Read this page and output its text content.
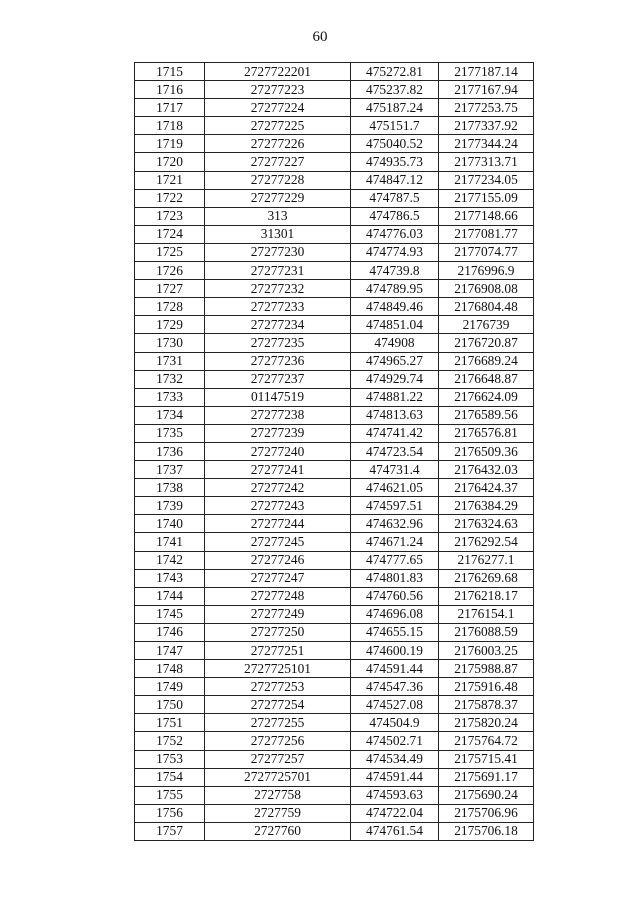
60
1715	2727722201	475272.81	2177187.14
1716	27277223	475237.82	2177167.94
1717	27277224	475187.24	2177253.75
1718	27277225	475151.7	2177337.92
1719	27277226	475040.52	2177344.24
1720	27277227	474935.73	2177313.71
1721	27277228	474847.12	2177234.05
1722	27277229	474787.5	2177155.09
1723	313	474786.5	2177148.66
1724	31301	474776.03	2177081.77
1725	27277230	474774.93	2177074.77
1726	27277231	474739.8	2176996.9
1727	27277232	474789.95	2176908.08
1728	27277233	474849.46	2176804.48
1729	27277234	474851.04	2176739
1730	27277235	474908	2176720.87
1731	27277236	474965.27	2176689.24
1732	27277237	474929.74	2176648.87
1733	01147519	474881.22	2176624.09
1734	27277238	474813.63	2176589.56
1735	27277239	474741.42	2176576.81
1736	27277240	474723.54	2176509.36
1737	27277241	474731.4	2176432.03
1738	27277242	474621.05	2176424.37
1739	27277243	474597.51	2176384.29
1740	27277244	474632.96	2176324.63
1741	27277245	474671.24	2176292.54
1742	27277246	474777.65	2176277.1
1743	27277247	474801.83	2176269.68
1744	27277248	474760.56	2176218.17
1745	27277249	474696.08	2176154.1
1746	27277250	474655.15	2176088.59
1747	27277251	474600.19	2176003.25
1748	2727725101	474591.44	2175988.87
1749	27277253	474547.36	2175916.48
1750	27277254	474527.08	2175878.37
1751	27277255	474504.9	2175820.24
1752	27277256	474502.71	2175764.72
1753	27277257	474534.49	2175715.41
1754	2727725701	474591.44	2175691.17
1755	2727758	474593.63	2175690.24
1756	2727759	474722.04	2175706.96
1757	2727760	474761.54	2175706.18
